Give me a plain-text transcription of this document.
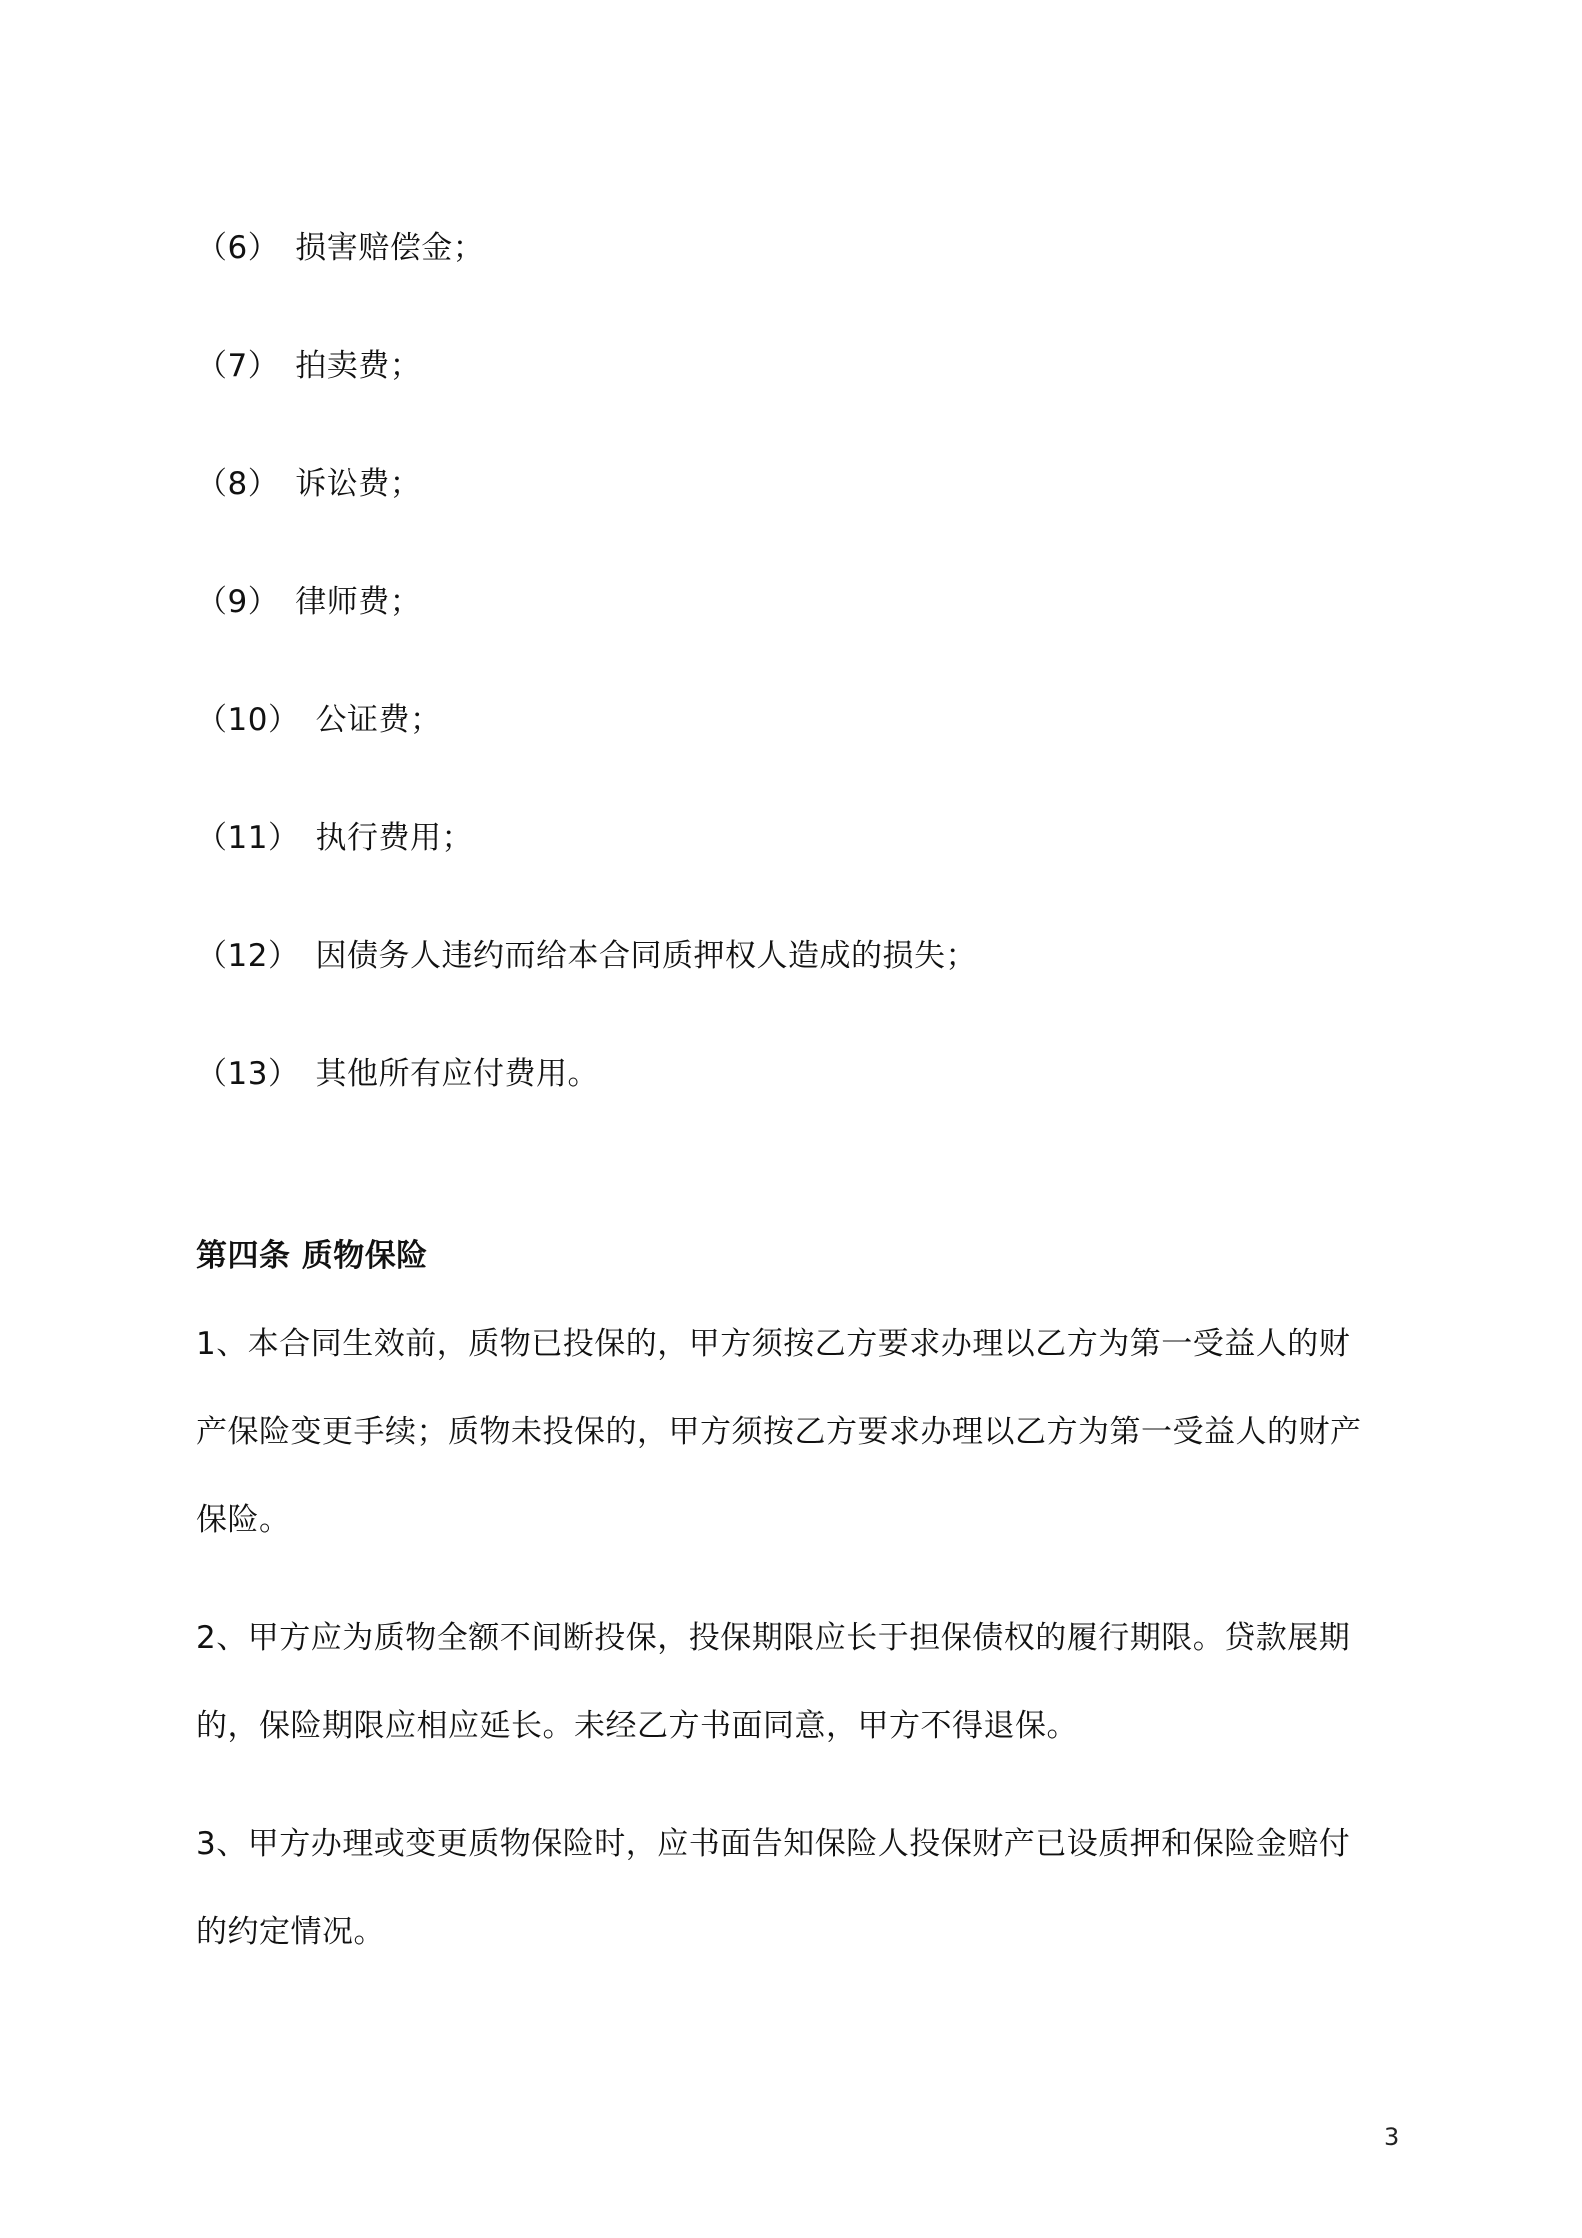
（6） 损害赔偿金；
（7） 拍卖费；
（8） 诉讼费；
（9） 律师费；
（10） 公证费；
（11） 执行费用；
（12） 因债务人违约而给本合同质押权人造成的损失；
（13） 其他所有应付费用。
第四条 质物保险
1、本合同生效前，质物已投保的，甲方须按乙方要求办理以乙方为第一受益人的财
产保险变更手续；质物未投保的，甲方须按乙方要求办理以乙方为第一受益人的财产
保险。
2、甲方应为质物全额不间断投保，投保期限应长于担保债权的履行期限。贷款展期
的，保险期限应相应延长。未经乙方书面同意，甲方不得退保。
3、甲方办理或变更质物保险时，应书面告知保险人投保财产已设质押和保险金赔付
的约定情况。
3
